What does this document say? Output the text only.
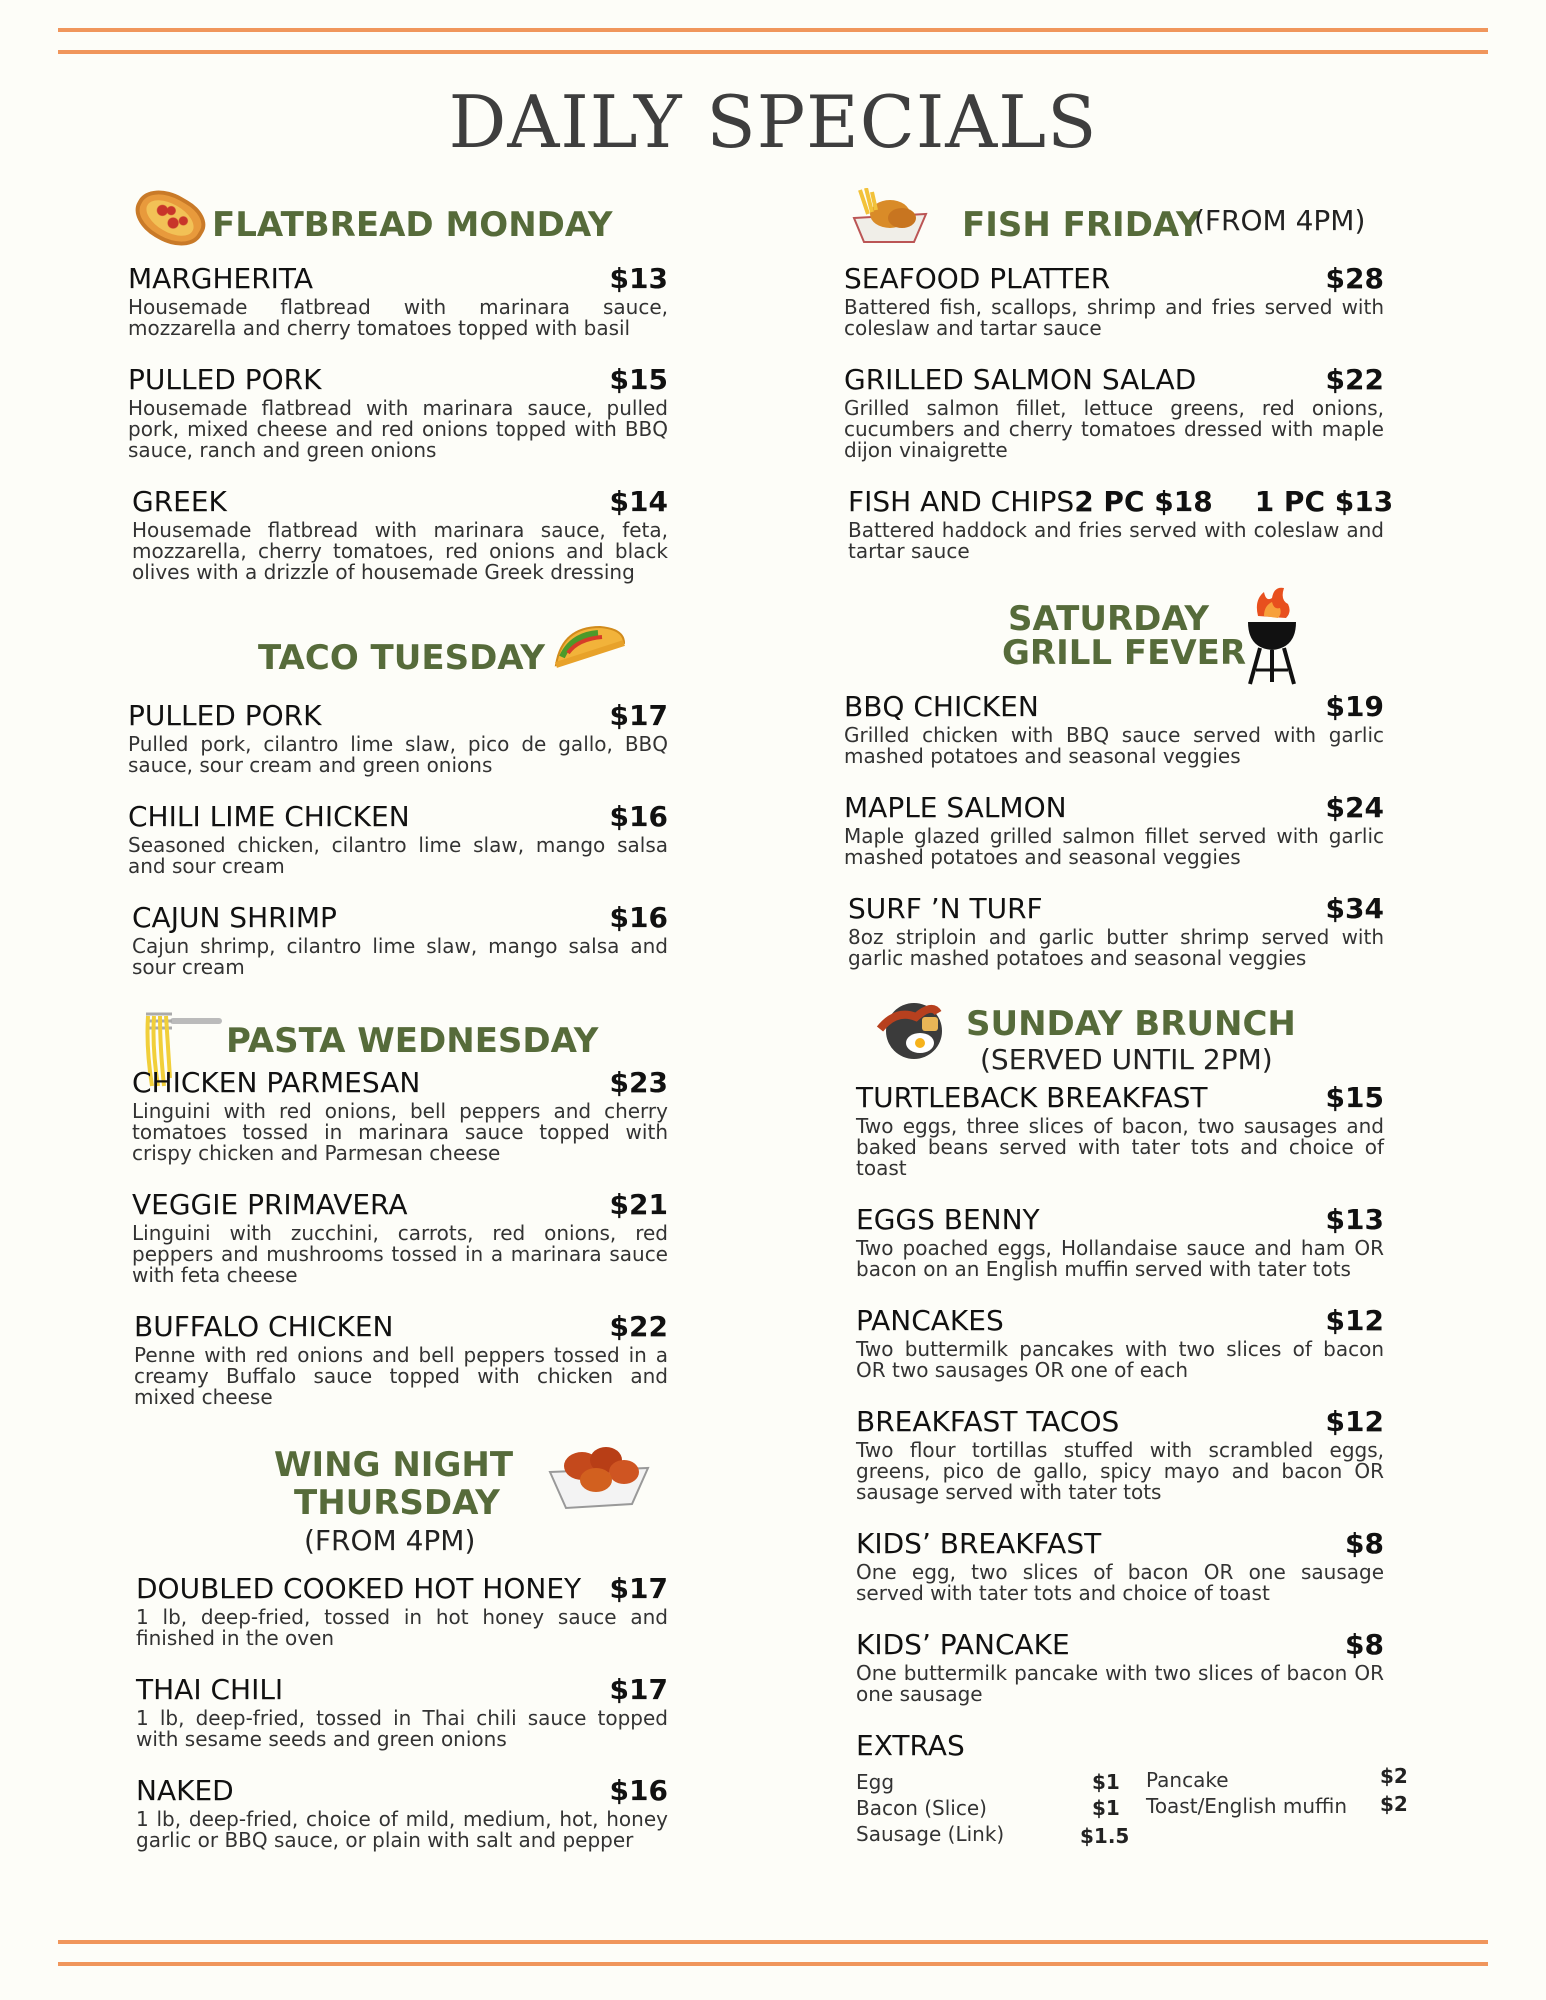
DAILY SPECIALS
FLATBREAD MONDAY
MARGHERITA	$13
Housemade flatbread with marinara sauce, mozzarella and cherry tomatoes topped with basil
PULLED PORK	$15
Housemade flatbread with marinara sauce, pulled pork, mixed cheese and red onions topped with BBQ sauce, ranch and green onions
GREEK	$14
Housemade flatbread with marinara sauce, feta, mozzarella, cherry tomatoes, red onions and black olives with a drizzle of housemade Greek dressing
TACO TUESDAY
PULLED PORK	$17
Pulled pork, cilantro lime slaw, pico de gallo, BBQ sauce, sour cream and green onions
CHILI LIME CHICKEN	$16
Seasoned chicken, cilantro lime slaw, mango salsa and sour cream
CAJUN SHRIMP	$16
Cajun shrimp, cilantro lime slaw, mango salsa and sour cream
PASTA WEDNESDAY
CHICKEN PARMESAN	$23
Linguini with red onions, bell peppers and cherry tomatoes tossed in marinara sauce topped with crispy chicken and Parmesan cheese
VEGGIE PRIMAVERA	$21
Linguini with zucchini, carrots, red onions, red peppers and mushrooms tossed in a marinara sauce with feta cheese
BUFFALO CHICKEN	$22
Penne with red onions and bell peppers tossed in a creamy Buffalo sauce topped with chicken and mixed cheese
WING NIGHT
THURSDAY
(FROM 4PM)
DOUBLED COOKED HOT HONEY $17
1 lb, deep-fried, tossed in hot honey sauce and finished in the oven
THAI CHILI	$17
1 lb, deep-fried, tossed in Thai chili sauce topped with sesame seeds and green onions
NAKED	$16
1 lb, deep-fried, choice of mild, medium, hot, honey garlic or BBQ sauce, or plain with salt and pepper
FISH FRIDAY
(FROM 4PM)
SEAFOOD PLATTER	$28
Battered fish, scallops, shrimp and fries served with coleslaw and tartar sauce
GRILLED SALMON SALAD	$22
Grilled salmon fillet, lettuce greens, red onions, cucumbers and cherry tomatoes dressed with maple dijon vinaigrette
FISH AND CHIPS 2 PC $18 1 PC $13
Battered haddock and fries served with coleslaw and tartar sauce
SATURDAY
GRILL FEVER
BBQ CHICKEN	$19
Grilled chicken with BBQ sauce served with garlic mashed potatoes and seasonal veggies
MAPLE SALMON	$24
Maple glazed grilled salmon fillet served with garlic mashed potatoes and seasonal veggies
SURF ’N TURF	$34
8oz striploin and garlic butter shrimp served with garlic mashed potatoes and seasonal veggies
SUNDAY BRUNCH
(SERVED UNTIL 2PM)
TURTLEBACK BREAKFAST	$15
Two eggs, three slices of bacon, two sausages and baked beans served with tater tots and choice of toast
EGGS BENNY	$13
Two poached eggs, Hollandaise sauce and ham OR bacon on an English muffin served with tater tots
PANCAKES	$12
Two buttermilk pancakes with two slices of bacon OR two sausages OR one of each
BREAKFAST TACOS	$12
Two flour tortillas stuffed with scrambled eggs, greens, pico de gallo, spicy mayo and bacon OR sausage served with tater tots
KIDS’ BREAKFAST	$8
One egg, two slices of bacon OR one sausage served with tater tots and choice of toast
KIDS’ PANCAKE	$8
One buttermilk pancake with two slices of bacon OR one sausage
EXTRAS
Egg	$1
Bacon (Slice)	$1
Sausage (Link)	$1.5
Pancake	$2
Toast/English muffin $2
